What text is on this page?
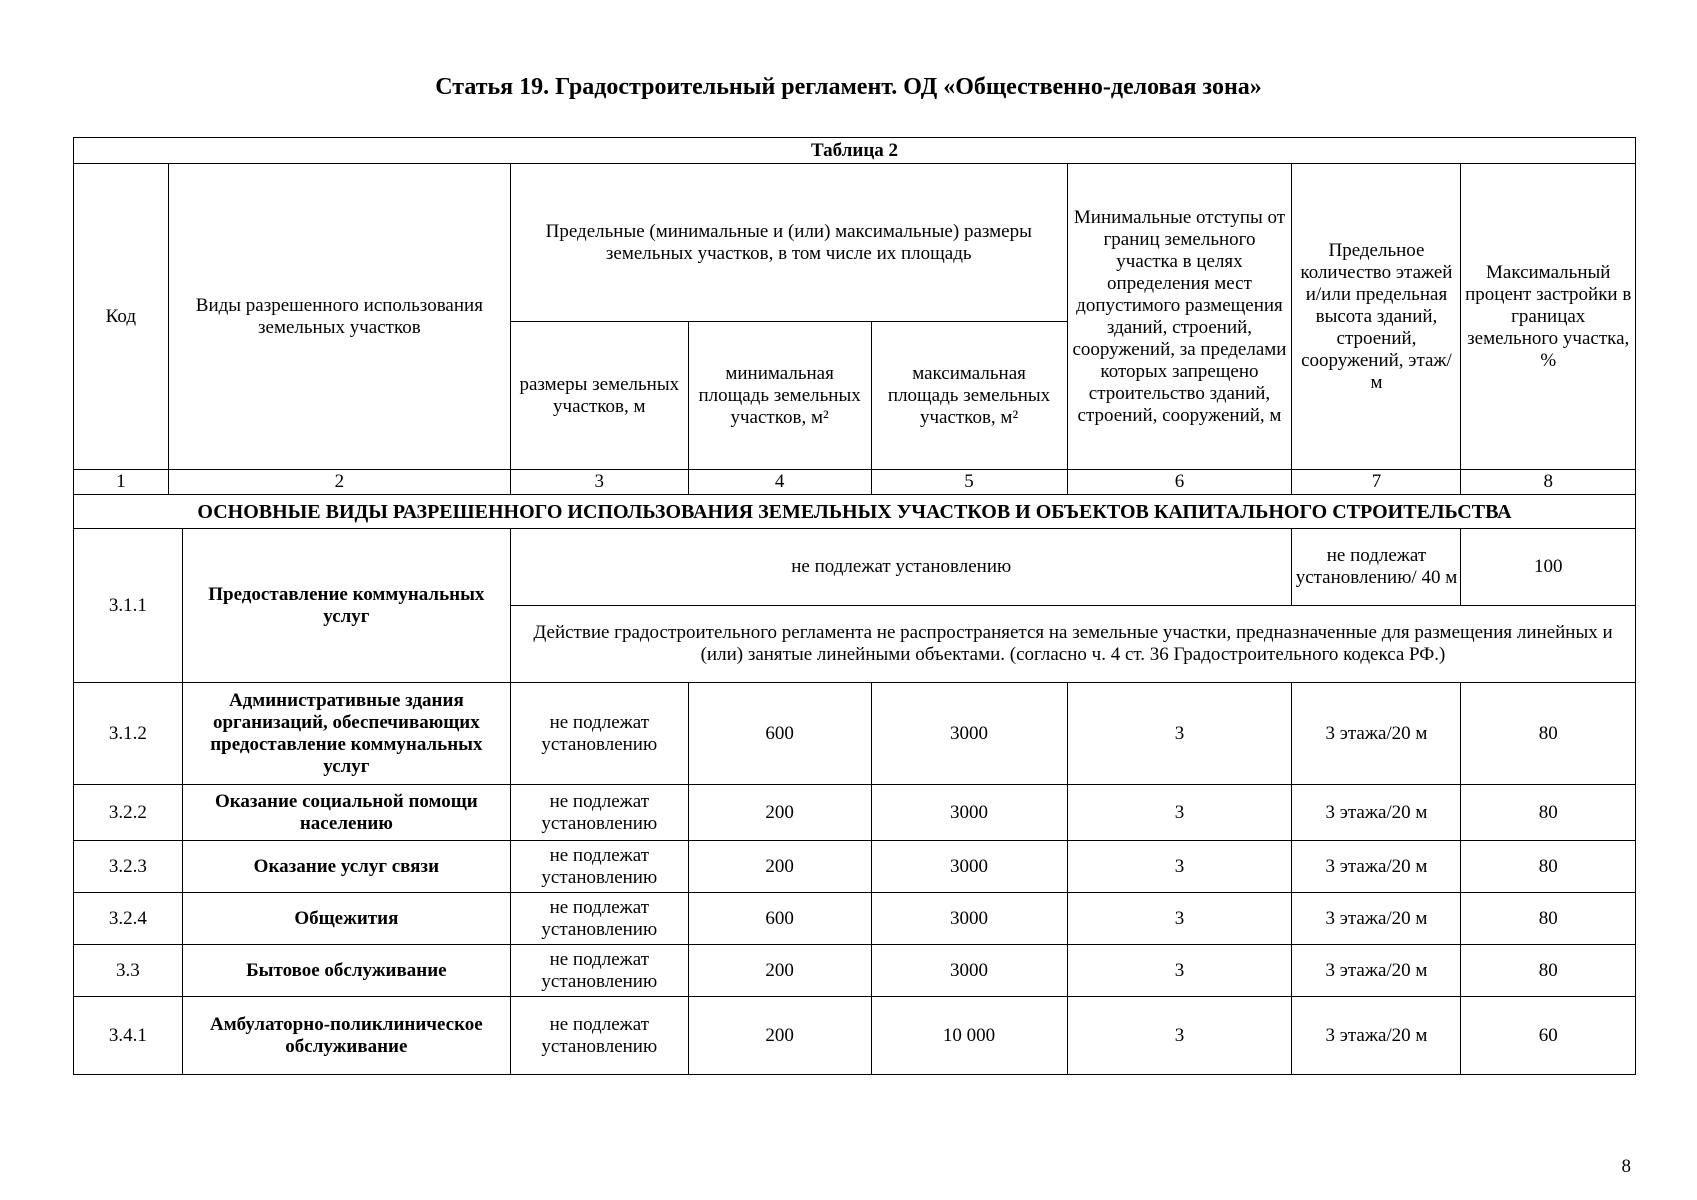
Статья 19. Градостроительный регламент. ОД «Общественно-деловая зона»
Таблица 2								
Код	Виды разрешенного использования земельных участков		Предельные (минимальные и (или) максимальные) размеры земельных участков, в том числе их площадь			Минимальные отступы от границ земельного участка в целях определения мест допустимого размещения зданий, строений, сооружений, за пределами которых запрещено строительство зданий, строений, сооружений, м	Предельное количество этажей и/или предельная высота зданий, строений, сооружений, этаж/м	Максимальный процент застройки в границах земельного участка, %
			размеры земельных участков, м	минимальная площадь земельных участков, м²	максимальная площадь земельных участков, м²			
1	2		3	4	5	6	7	8
ОСНОВНЫЕ ВИДЫ РАЗРЕШЕННОГО ИСПОЛЬЗОВАНИЯ ЗЕМЕЛЬНЫХ УЧАСТКОВ И ОБЪЕКТОВ КАПИТАЛЬНОГО СТРОИТЕЛЬСТВА								
3.1.1		Предоставление коммунальных услуг	не подлежат установлению				не подлежат установлению/ 40 м	100
			Действие градостроительного регламента не распространяется на земельные участки, предназначенные для размещения линейных и (или) занятые линейными объектами. (согласно ч. 4 ст. 36 Градостроительного кодекса РФ.)					
3.1.2		Административные здания организаций, обеспечивающих предоставление коммунальных услуг	не подлежат установлению	600	3000	3	3 этажа/20 м	80
3.2.2		Оказание социальной помощи населению	не подлежат установлению	200	3000	3	3 этажа/20 м	80
3.2.3		Оказание услуг связи	не подлежат установлению	200	3000	3	3 этажа/20 м	80
3.2.4		Общежития	не подлежат установлению	600	3000	3	3 этажа/20 м	80
3.3		Бытовое обслуживание	не подлежат установлению	200	3000	3	3 этажа/20 м	80
3.4.1		Амбулаторно-поликлиническое обслуживание	не подлежат установлению	200	10 000	3	3 этажа/20 м	60
8
